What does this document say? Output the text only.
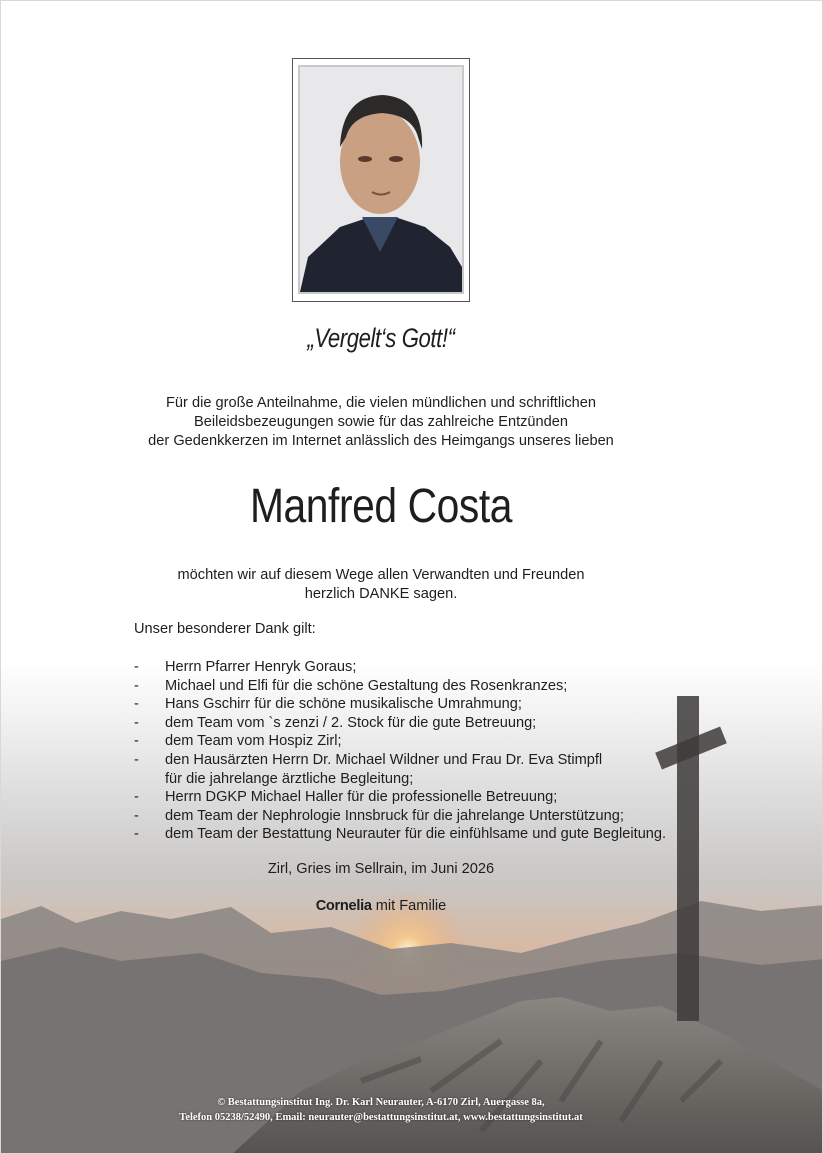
„Vergelt‘s Gott!“
Für die große Anteilnahme, die vielen mündlichen und schriftlichen
Beileidsbezeugungen sowie für das zahlreiche Entzünden
der Gedenkkerzen im Internet anlässlich des Heimgangs unseres lieben
Manfred Costa
möchten wir auf diesem Wege allen Verwandten und Freunden
herzlich DANKE sagen.
Unser besonderer Dank gilt:
- Herrn Pfarrer Henryk Goraus;
- Michael und Elfi für die schöne Gestaltung des Rosenkranzes;
- Hans Gschirr für die schöne musikalische Umrahmung;
- dem Team vom `s zenzi / 2. Stock für die gute Betreuung;
- dem Team vom Hospiz Zirl;
- den Hausärzten Herrn Dr. Michael Wildner und Frau Dr. Eva Stimpfl
für die jahrelange ärztliche Begleitung;
- Herrn DGKP Michael Haller für die professionelle Betreuung;
- dem Team der Nephrologie Innsbruck für die jahrelange Unterstützung;
- dem Team der Bestattung Neurauter für die einfühlsame und gute Begleitung.
Zirl, Gries im Sellrain, im Juni 2026
Cornelia mit Familie
© Bestattungsinstitut Ing. Dr. Karl Neurauter, A-6170 Zirl, Auergasse 8a,
Telefon 05238/52490, Email: neurauter@bestattungsinstitut.at, www.bestattungsinstitut.at
